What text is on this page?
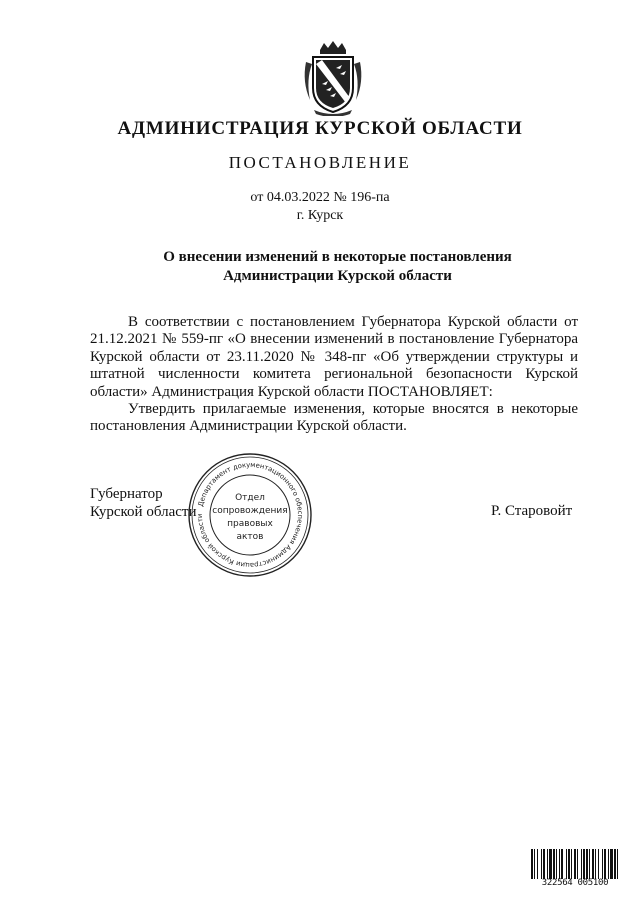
АДМИНИСТРАЦИЯ КУРСКОЙ ОБЛАСТИ
ПОСТАНОВЛЕНИЕ
от 04.03.2022 № 196-па
г. Курск
О внесении изменений в некоторые постановления
Администрации Курской области

В соответствии с постановлением Губернатора Курской области от 21.12.2021 № 559-пг «О внесении изменений в постановление Губернатора Курской области от 23.11.2020 № 348-пг «Об утверждении структуры и штатной численности комитета региональной безопасности Курской области» Администрация Курской области ПОСТАНОВЛЯЕТ:

Утвердить прилагаемые изменения, которые вносятся в некоторые постановления Администрации Курской области.

Губернатор
Курской области	Р. Старовойт
Департамент документационного обеспечения Администрации Курской области
Отдел
сопровождения
правовых
актов
322564 005100
